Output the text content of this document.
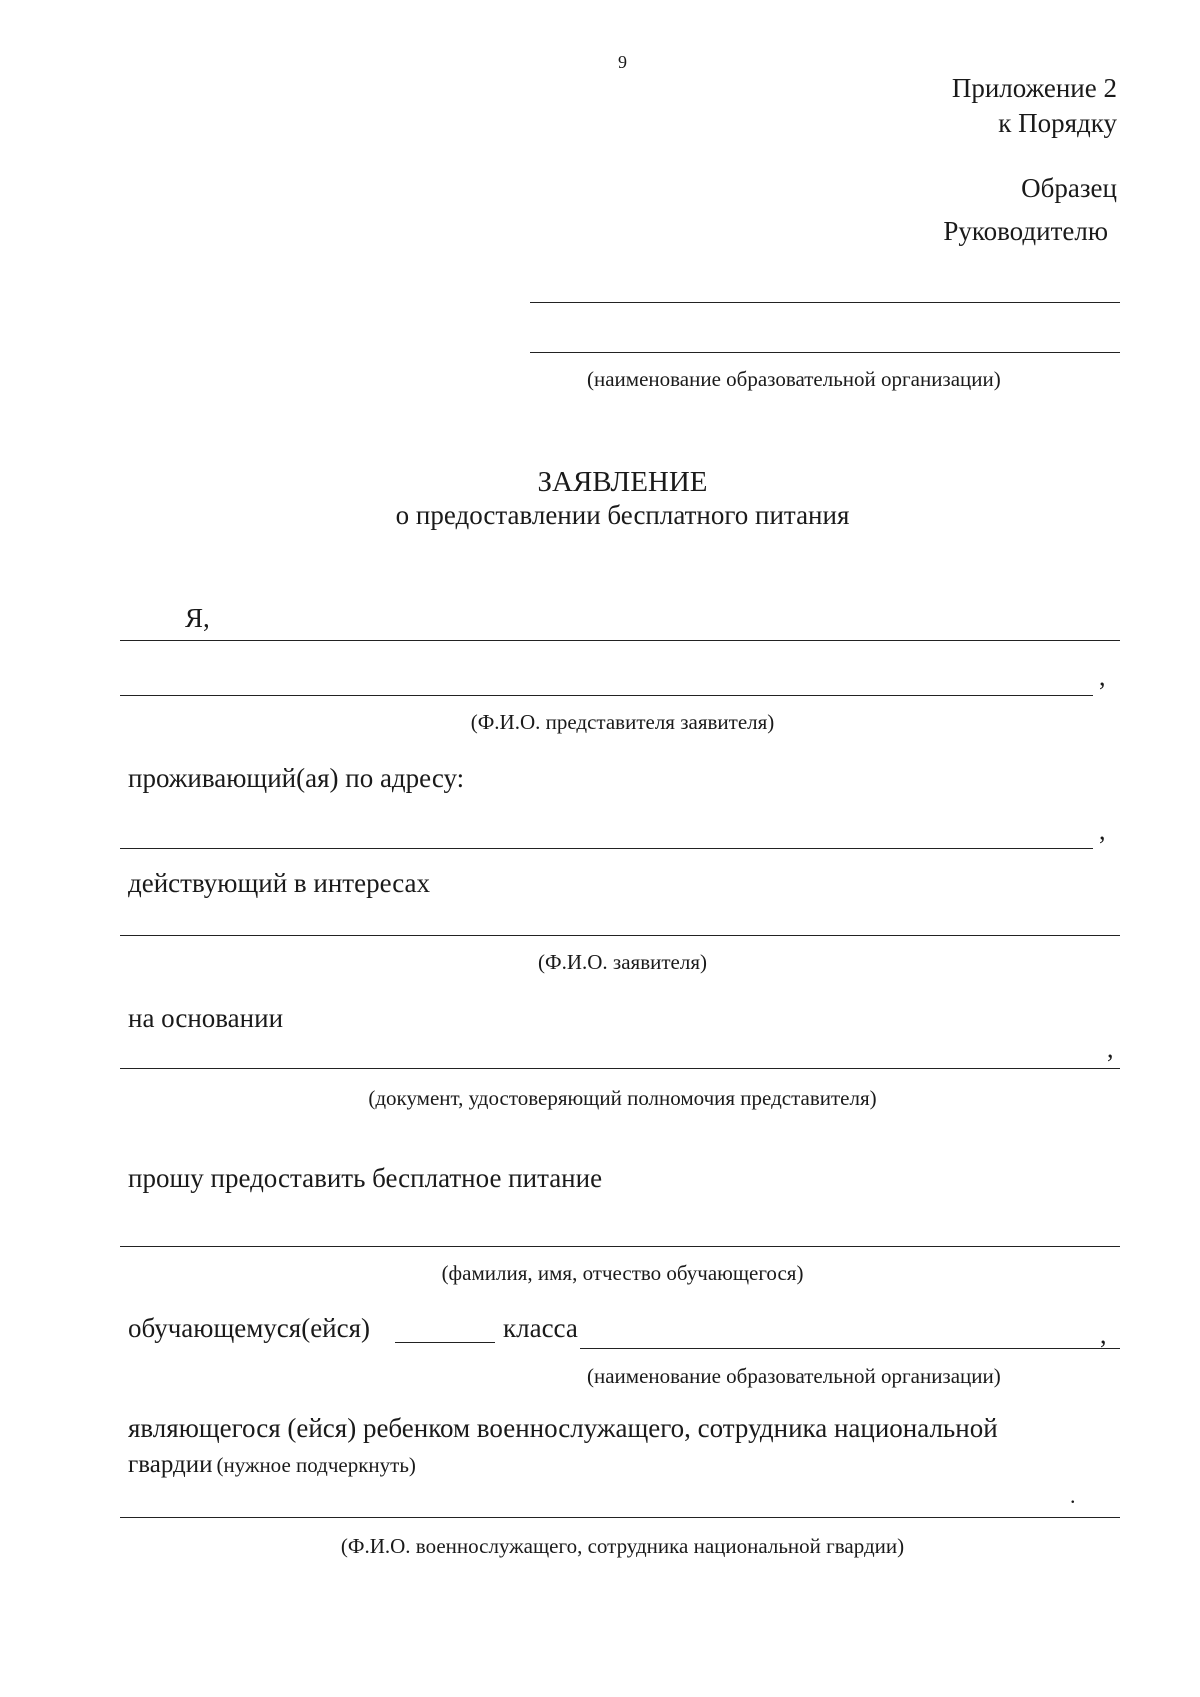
9
Приложение 2
к Порядку
Образец
Руководителю
(наименование образовательной организации)
ЗАЯВЛЕНИЕ
о предоставлении бесплатного питания
Я,
,
(Ф.И.О. представителя заявителя)
проживающий(ая) по адресу:
,
действующий в интересах
(Ф.И.О. заявителя)
на основании
,
(документ, удостоверяющий полномочия представителя)
прошу предоставить бесплатное питание
(фамилия, имя, отчество обучающегося)
обучающемуся(ейся)	класса	,
(наименование образовательной организации)
являющегося (ейся) ребенком военнослужащего, сотрудника национальной
гвардии (нужное подчеркнуть)
.
(Ф.И.О. военнослужащего, сотрудника национальной гвардии)
